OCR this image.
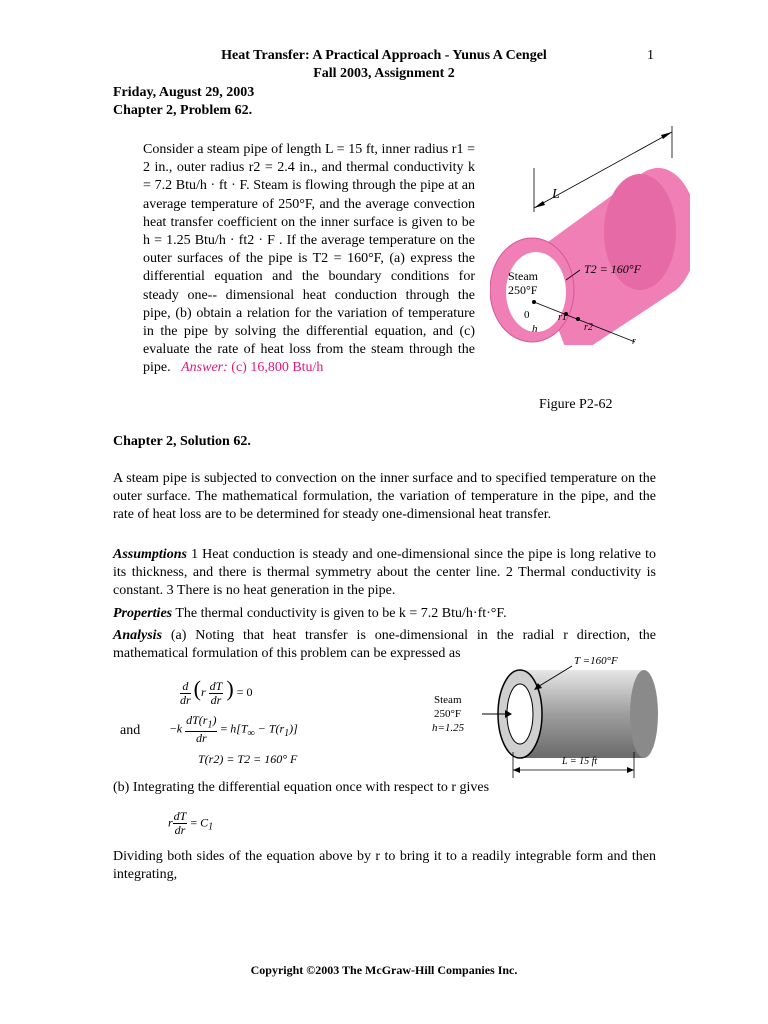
Heat Transfer: A Practical Approach - Yunus A Cengel
Fall 2003, Assignment 2
1
Friday, August 29, 2003
Chapter 2, Problem 62.

Consider a steam pipe of length L = 15 ft, inner radius r1 = 2 in., outer radius r2 = 2.4 in., and thermal conductivity k = 7.2 Btu/h · ft · F. Steam is flowing through the pipe at an average temperature of 250°F, and the average convection heat transfer coefficient on the inner surface is given to be h = 1.25 Btu/h · ft2 · F . If the average temperature on the outer surfaces of the pipe is T2 = 160°F, (a) express the differential equation and the boundary conditions for steady one-- dimensional heat conduction through the pipe, (b) obtain a relation for the variation of temperature in the pipe by solving the differential equation, and (c) evaluate the rate of heat loss from the steam through the pipe. Answer: (c) 16,800 Btu/h

L
Steam
250°F
T2 = 160°F
0
h
r1
r2
r
Figure P2-62
Chapter 2, Solution 62.

A steam pipe is subjected to convection on the inner surface and to specified temperature on the outer surface. The mathematical formulation, the variation of temperature in the pipe, and the rate of heat loss are to be determined for steady one-dimensional heat transfer.

Assumptions 1 Heat conduction is steady and one-dimensional since the pipe is long relative to its thickness, and there is thermal symmetry about the center line. 2 Thermal conductivity is constant. 3 There is no heat generation in the pipe.

Properties The thermal conductivity is given to be k = 7.2 Btu/h·ft·°F.

Analysis (a) Noting that heat transfer is one-dimensional in the radial r direction, the mathematical formulation of this problem can be expressed as
$\frac{d}{dr} (r \frac{dT}{dr}$ ) = 0
and $-k \frac{dT(r_1)}{dr} = h[T_\infty - T(r_1)]$
T(r2) = T2 = 160° F
T =160°F
Steam
250°F
h=1.25
L = 15 ft
(b) Integrating the differential equation once with respect to r gives
r $\frac{dT}{dr} = C_1$

Dividing both sides of the equation above by r to bring it to a readily integrable form and then integrating,

Copyright ©2003 The McGraw-Hill Companies Inc.
